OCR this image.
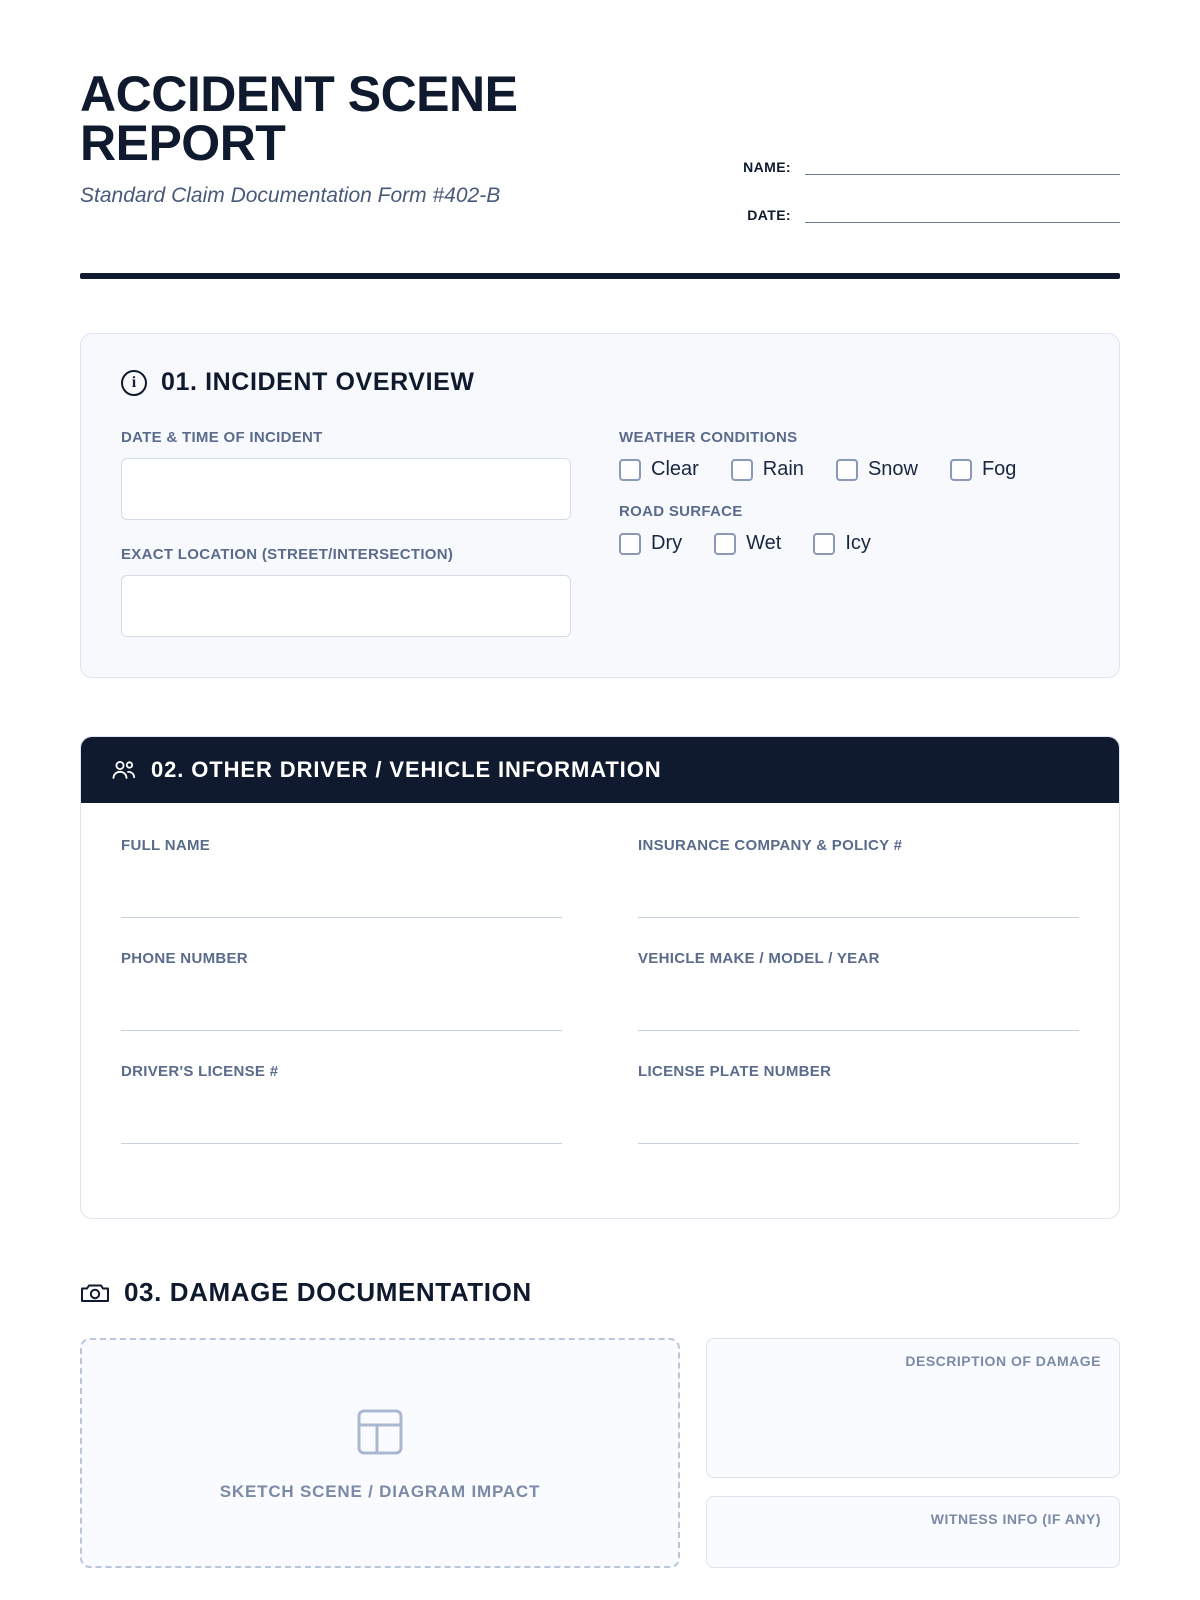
ACCIDENT SCENE REPORT
Standard Claim Documentation Form #402-B
NAME:
DATE:
i 01. INCIDENT OVERVIEW
DATE & TIME OF INCIDENT
EXACT LOCATION (STREET/INTERSECTION)
WEATHER CONDITIONS
Clear	Rain	Snow	Fog
ROAD SURFACE
Dry	Wet	Icy
02. OTHER DRIVER / VEHICLE INFORMATION
FULL NAME	INSURANCE COMPANY & POLICY #
PHONE NUMBER	VEHICLE MAKE / MODEL / YEAR
DRIVER'S LICENSE #	LICENSE PLATE NUMBER
03. DAMAGE DOCUMENTATION
SKETCH SCENE / DIAGRAM IMPACT
DESCRIPTION OF DAMAGE
WITNESS INFO (IF ANY)
